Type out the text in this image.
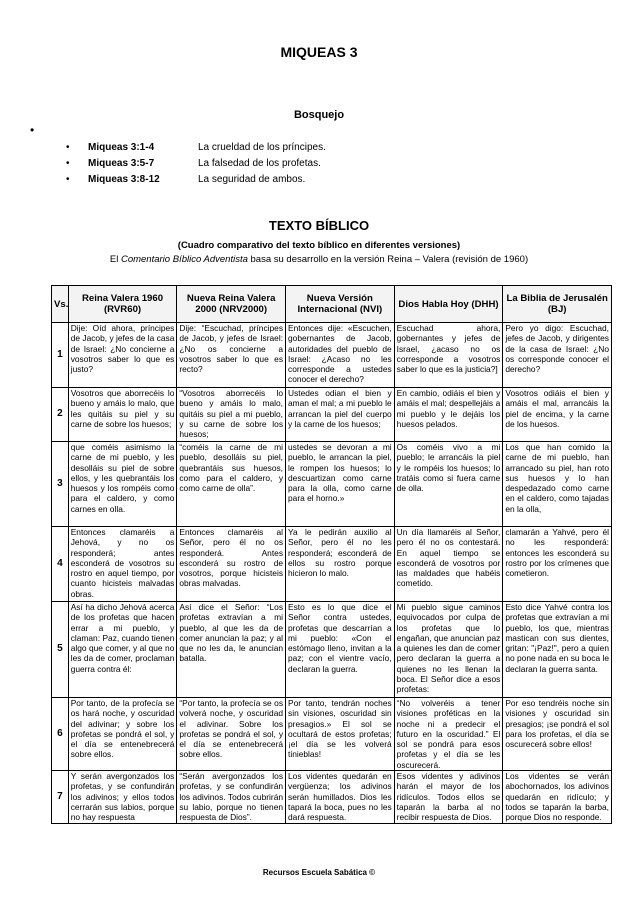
MIQUEAS 3
Bosquejo
•
•	Miqueas 3:1-4	La crueldad de los príncipes.
•	Miqueas 3:5-7	La falsedad de los profetas.
•	Miqueas 3:8-12	La seguridad de ambos.
TEXTO BÍBLICO
(Cuadro comparativo del texto bíblico en diferentes versiones)
El Comentario Bíblico Adventista basa su desarrollo en la versión Reina – Valera (revisión de 1960)
Vs.	Reina Valera 1960 (RVR60)	Nueva Reina Valera 2000 (NRV2000)	Nueva Versión Internacional (NVI)	Dios Habla Hoy (DHH)	La Biblia de Jerusalén (BJ)
1	Dije: Oíd ahora, príncipes de Jacob, y jefes de la casa de Israel: ¿No concierne a vosotros saber lo que es justo?	Dije: “Escuchad, príncipes de Jacob, y jefes de Israel: ¿No os concierne a vosotros saber lo que es recto?	Entonces dije: «Escuchen, gobernantes de Jacob, autoridades del pueblo de Israel: ¿Acaso no les corresponde a ustedes conocer el derecho?	Escuchad ahora, gobernantes y jefes de Israel, ¿acaso no os corresponde a vosotros saber lo que es la justicia?]	Pero yo digo: Escuchad, jefes de Jacob, y dirigentes de la casa de Israel: ¿No os corresponde conocer el derecho?
2	Vosotros que aborrecéis lo bueno y amáis lo malo, que les quitáis su piel y su carne de sobre los huesos;	“Vosotros aborrecéis lo bueno y amáis lo malo, quitáis su piel a mi pueblo, y su carne de sobre los huesos;	Ustedes odian el bien y aman el mal; a mi pueblo le arrancan la piel del cuerpo y la carne de los huesos;	En cambio, odiáis el bien y amáis el mal; despellejáis a mi pueblo y le dejáis los huesos pelados.	Vosotros odiáis el bien y amáis el mal, arrancáis la piel de encima, y la carne de los huesos.
3	que coméis asimismo la carne de mi pueblo, y les desolláis su piel de sobre ellos, y les quebrantáis los huesos y los rompéis como para el caldero, y como carnes en olla.	“coméis la carne de mi pueblo, desolláis su piel, quebrantáis sus huesos, como para el caldero, y como carne de olla”.	ustedes se devoran a mi pueblo, le arrancan la piel, le rompen los huesos; lo descuartizan como carne para la olla, como carne para el horno.»	Os coméis vivo a mi pueblo; le arrancáis la piel y le rompéis los huesos; lo tratáis como si fuera carne de olla.	Los que han comido la carne de mi pueblo, han arrancado su piel, han roto sus huesos y lo han despedazado como carne en el caldero, como tajadas en la olla,
4	Entonces clamaréis a Jehová, y no os responderá; antes esconderá de vosotros su rostro en aquel tiempo, por cuanto hicisteis malvadas obras.	Entonces clamaréis al Señor, pero él no os responderá. Antes esconderá su rostro de vosotros, porque hicisteis obras malvadas.	Ya le pedirán auxilio al Señor, pero él no les responderá; esconderá de ellos su rostro porque hicieron lo malo.	Un día llamaréis al Señor, pero él no os contestará. En aquel tiempo se esconderá de vosotros por las maldades que habéis cometido.	clamarán a Yahvé, pero él no les responderá: entonces les esconderá su rostro por los crímenes que cometieron.
5	Así ha dicho Jehová acerca de los profetas que hacen errar a mi pueblo, y claman: Paz, cuando tienen algo que comer, y al que no les da de comer, proclaman guerra contra él:	Así dice el Señor: “Los profetas extravían a mi pueblo, al que les da de comer anuncian la paz; y al que no les da, le anuncian batalla.	Esto es lo que dice el Señor contra ustedes, profetas que descarrían a mi pueblo: «Con el estómago lleno, invitan a la paz; con el vientre vacío, declaran la guerra.	Mi pueblo sigue caminos equivocados por culpa de los profetas que lo engañan, que anuncian paz a quienes les dan de comer pero declaran la guerra a quienes no les llenan la boca. El Señor dice a esos profetas:	Esto dice Yahvé contra los profetas que extravían a mi pueblo, los que, mientras mastican con sus dientes, gritan: "¡Paz!", pero a quien no pone nada en su boca le declaran la guerra santa.
6	Por tanto, de la profecía se os hará noche, y oscuridad del adivinar; y sobre los profetas se pondrá el sol, y el día se entenebrecerá sobre ellos.	“Por tanto, la profecía se os volverá noche, y oscuridad el adivinar. Sobre los profetas se pondrá el sol, y el día se entenebrecerá sobre ellos.	Por tanto, tendrán noches sin visiones, oscuridad sin presagios.» El sol se ocultará de estos profetas; ¡el día se les volverá tinieblas!	“No volveréis a tener visiones proféticas en la noche ni a predecir el futuro en la oscuridad.” El sol se pondrá para esos profetas y el día se les oscurecerá.	Por eso tendréis noche sin visiones y oscuridad sin presagios; ¡se pondrá el sol para los profetas, el día se oscurecerá sobre ellos!
7	Y serán avergonzados los profetas, y se confundirán los adivinos; y ellos todos cerrarán sus labios, porque no hay respuesta	“Serán avergonzados los profetas, y se confundirán los adivinos. Todos cubrirán su labio, porque no tienen respuesta de Dios”.	Los videntes quedarán en vergüenza; los adivinos serán humillados. Dios les tapará la boca, pues no les dará respuesta.	Esos videntes y adivinos harán el mayor de los ridículos. Todos ellos se taparán la barba al no recibir respuesta de Dios.	Los videntes se verán abochornados, los adivinos quedarán en ridículo; y todos se taparán la barba, porque Dios no responde.
Recursos Escuela Sabática ©
